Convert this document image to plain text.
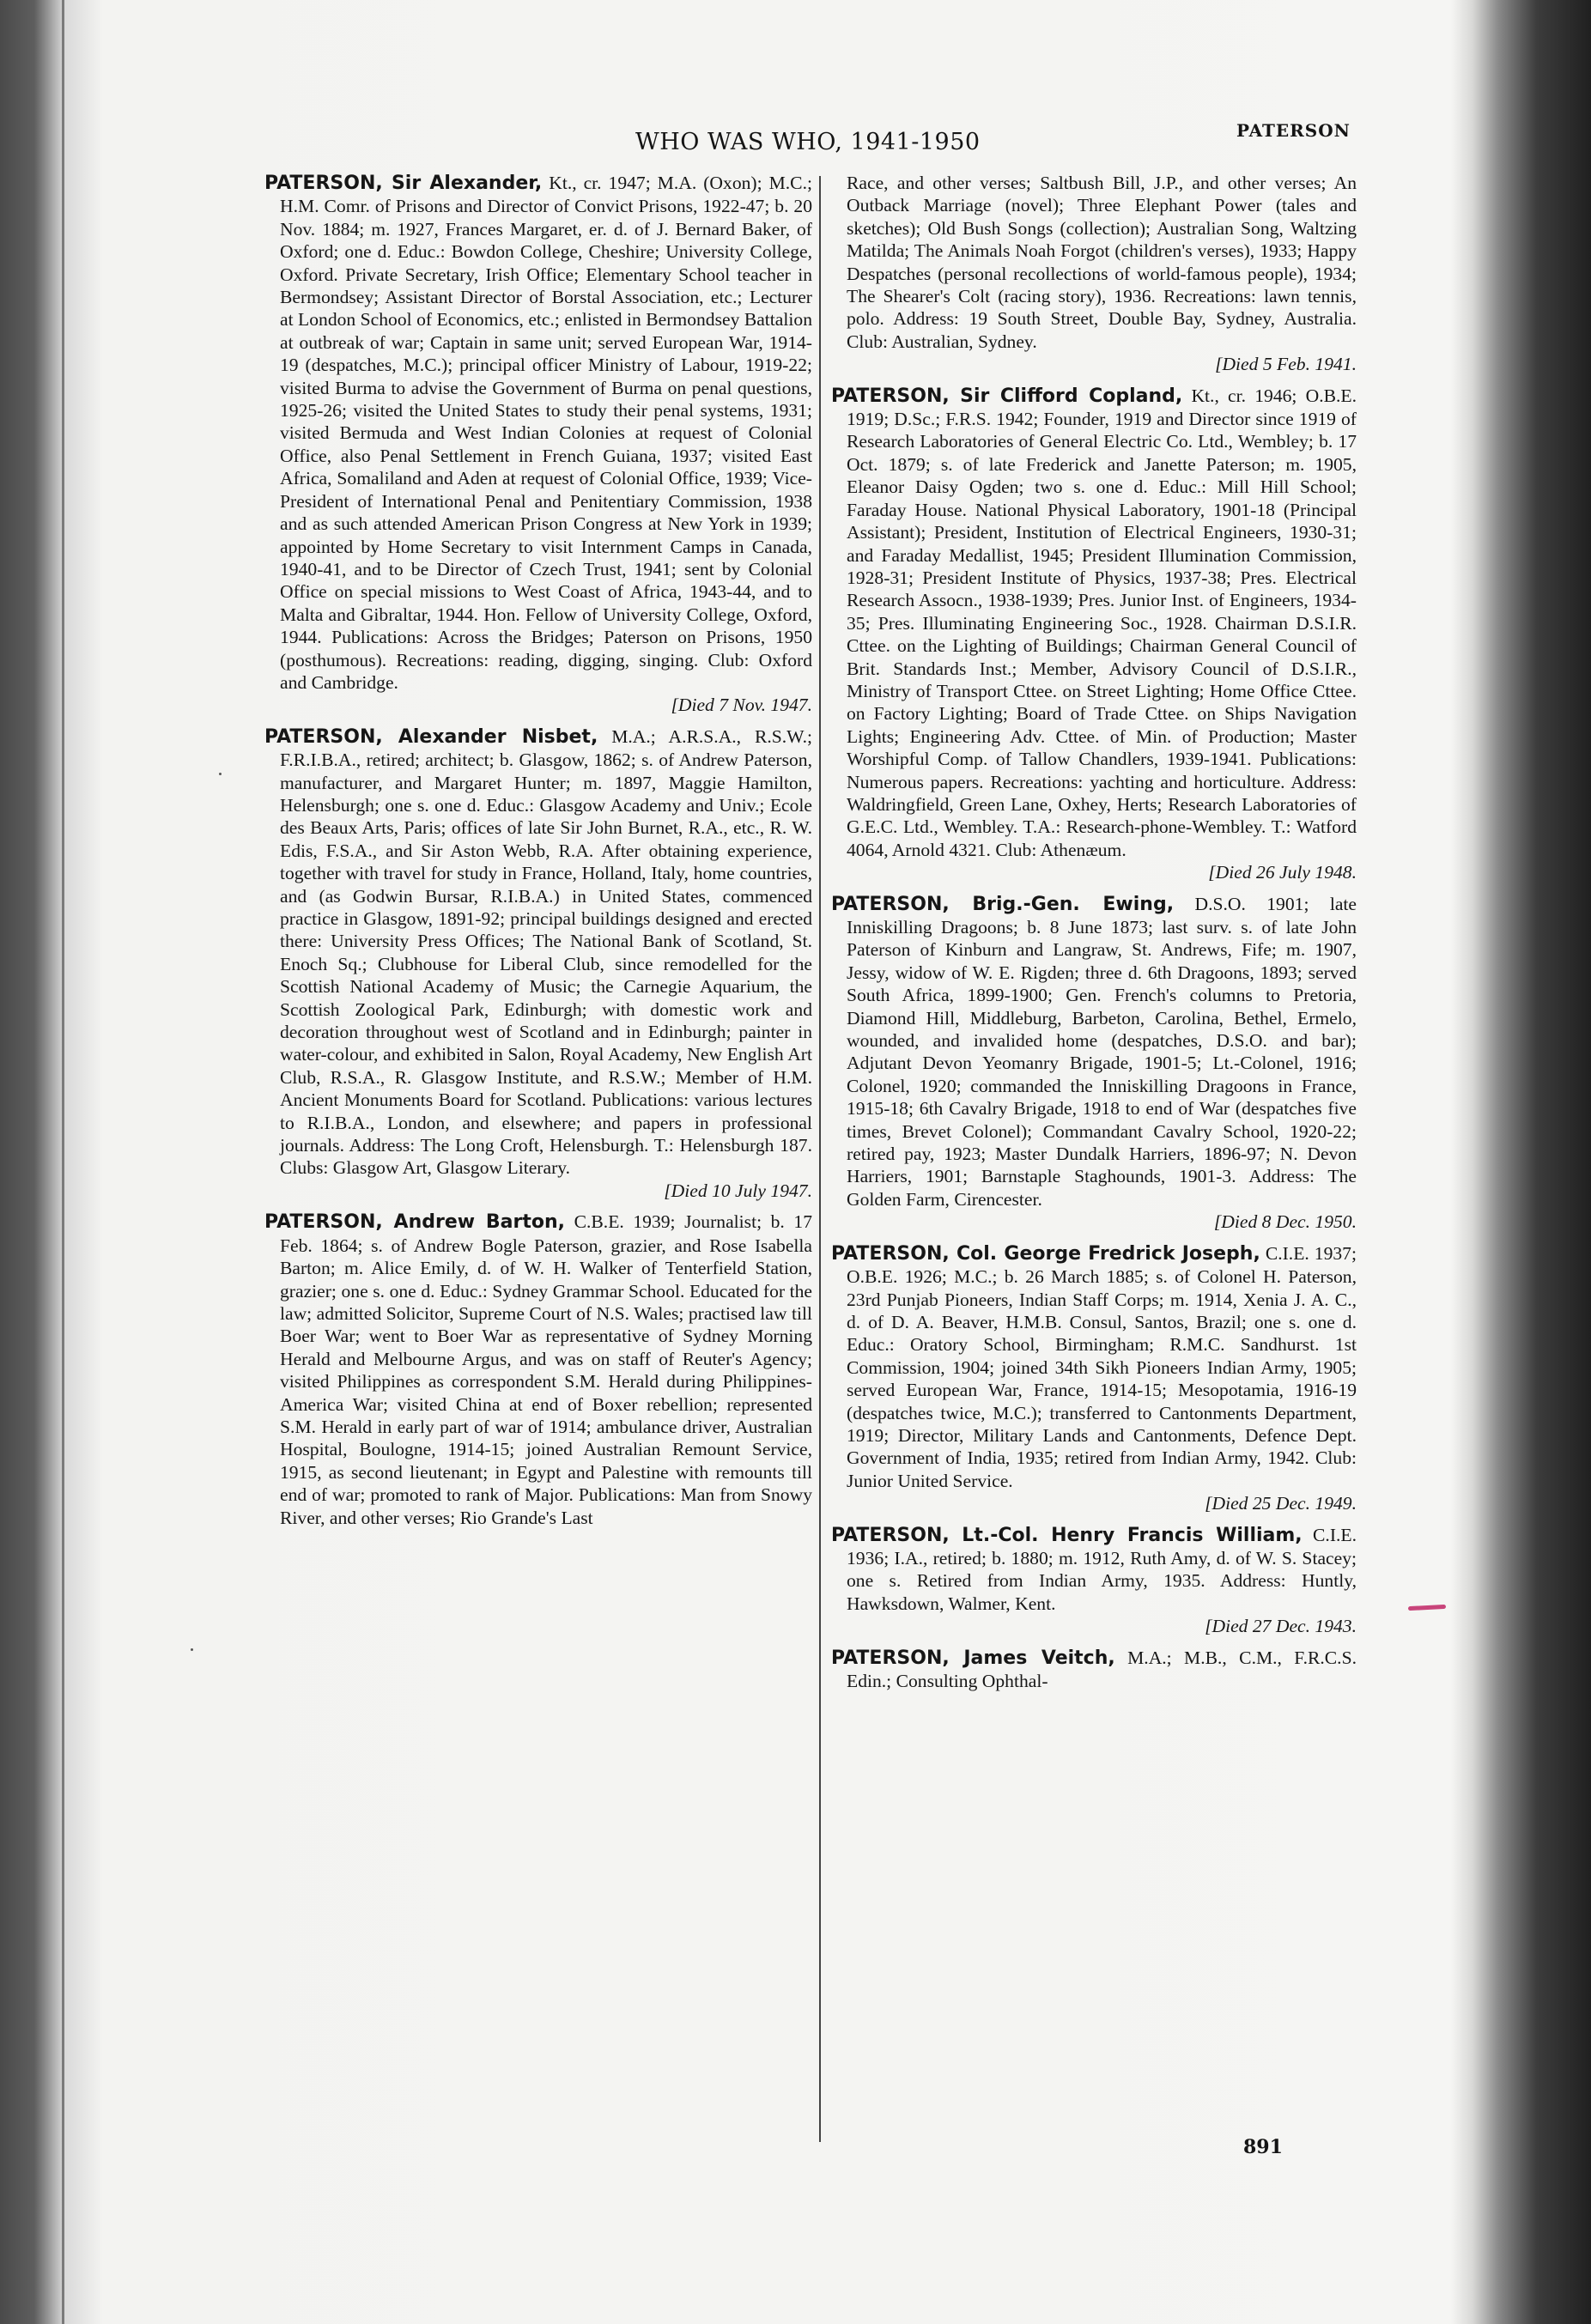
WHO WAS WHO, 1941-1950	PATERSON

PATERSON, Sir Alexander, Kt., cr. 1947; M.A. (Oxon); M.C.; H.M. Comr. of Prisons and Director of Convict Prisons, 1922-47; b. 20 Nov. 1884; m. 1927, Frances Margaret, er. d. of J. Bernard Baker, of Oxford; one d. Educ.: Bowdon College, Cheshire; University College, Oxford. Private Secretary, Irish Office; Elementary School teacher in Bermondsey; Assistant Director of Borstal Association, etc.; Lecturer at London School of Economics, etc.; enlisted in Bermondsey Battalion at outbreak of war; Captain in same unit; served European War, 1914-19 (despatches, M.C.); principal officer Ministry of Labour, 1919-22; visited Burma to advise the Government of Burma on penal questions, 1925-26; visited the United States to study their penal systems, 1931; visited Bermuda and West Indian Colonies at request of Colonial Office, also Penal Settlement in French Guiana, 1937; visited East Africa, Somaliland and Aden at request of Colonial Office, 1939; Vice-President of International Penal and Penitentiary Commission, 1938 and as such attended American Prison Congress at New York in 1939; appointed by Home Secretary to visit Internment Camps in Canada, 1940-41, and to be Director of Czech Trust, 1941; sent by Colonial Office on special missions to West Coast of Africa, 1943-44, and to Malta and Gibraltar, 1944. Hon. Fellow of University College, Oxford, 1944. Publications: Across the Bridges; Paterson on Prisons, 1950 (posthumous). Recreations: reading, digging, singing. Club: Oxford and Cambridge.
[Died 7 Nov. 1947.

PATERSON, Alexander Nisbet, M.A.; A.R.S.A., R.S.W.; F.R.I.B.A., retired; architect; b. Glasgow, 1862; s. of Andrew Paterson, manufacturer, and Margaret Hunter; m. 1897, Maggie Hamilton, Helensburgh; one s. one d. Educ.: Glasgow Academy and Univ.; Ecole des Beaux Arts, Paris; offices of late Sir John Burnet, R.A., etc., R. W. Edis, F.S.A., and Sir Aston Webb, R.A. After obtaining experience, together with travel for study in France, Holland, Italy, home countries, and (as Godwin Bursar, R.I.B.A.) in United States, commenced practice in Glasgow, 1891-92; principal buildings designed and erected there: University Press Offices; The National Bank of Scotland, St. Enoch Sq.; Clubhouse for Liberal Club, since remodelled for the Scottish National Academy of Music; the Carnegie Aquarium, the Scottish Zoological Park, Edinburgh; with domestic work and decoration throughout west of Scotland and in Edinburgh; painter in water-colour, and exhibited in Salon, Royal Academy, New English Art Club, R.S.A., R. Glasgow Institute, and R.S.W.; Member of H.M. Ancient Monuments Board for Scotland. Publications: various lectures to R.I.B.A., London, and elsewhere; and papers in professional journals. Address: The Long Croft, Helensburgh. T.: Helensburgh 187. Clubs: Glasgow Art, Glasgow Literary.
[Died 10 July 1947.

PATERSON, Andrew Barton, C.B.E. 1939; Journalist; b. 17 Feb. 1864; s. of Andrew Bogle Paterson, grazier, and Rose Isabella Barton; m. Alice Emily, d. of W. H. Walker of Tenterfield Station, grazier; one s. one d. Educ.: Sydney Grammar School. Educated for the law; admitted Solicitor, Supreme Court of N.S. Wales; practised law till Boer War; went to Boer War as representative of Sydney Morning Herald and Melbourne Argus, and was on staff of Reuter's Agency; visited Philippines as correspondent S.M. Herald during Philippines-America War; visited China at end of Boxer rebellion; represented S.M. Herald in early part of war of 1914; ambulance driver, Australian Hospital, Boulogne, 1914-15; joined Australian Remount Service, 1915, as second lieutenant; in Egypt and Palestine with remounts till end of war; promoted to rank of Major. Publications: Man from Snowy River, and other verses; Rio Grande's Last

Race, and other verses; Saltbush Bill, J.P., and other verses; An Outback Marriage (novel); Three Elephant Power (tales and sketches); Old Bush Songs (collection); Australian Song, Waltzing Matilda; The Animals Noah Forgot (children's verses), 1933; Happy Despatches (personal recollections of world-famous people), 1934; The Shearer's Colt (racing story), 1936. Recreations: lawn tennis, polo. Address: 19 South Street, Double Bay, Sydney, Australia. Club: Australian, Sydney.
[Died 5 Feb. 1941.

PATERSON, Sir Clifford Copland, Kt., cr. 1946; O.B.E. 1919; D.Sc.; F.R.S. 1942; Founder, 1919 and Director since 1919 of Research Laboratories of General Electric Co. Ltd., Wembley; b. 17 Oct. 1879; s. of late Frederick and Janette Paterson; m. 1905, Eleanor Daisy Ogden; two s. one d. Educ.: Mill Hill School; Faraday House. National Physical Laboratory, 1901-18 (Principal Assistant); President, Institution of Electrical Engineers, 1930-31; and Faraday Medallist, 1945; President Illumination Commission, 1928-31; President Institute of Physics, 1937-38; Pres. Electrical Research Assocn., 1938-1939; Pres. Junior Inst. of Engineers, 1934-35; Pres. Illuminating Engineering Soc., 1928. Chairman D.S.I.R. Cttee. on the Lighting of Buildings; Chairman General Council of Brit. Standards Inst.; Member, Advisory Council of D.S.I.R., Ministry of Transport Cttee. on Street Lighting; Home Office Cttee. on Factory Lighting; Board of Trade Cttee. on Ships Navigation Lights; Engineering Adv. Cttee. of Min. of Production; Master Worshipful Comp. of Tallow Chandlers, 1939-1941. Publications: Numerous papers. Recreations: yachting and horticulture. Address: Waldringfield, Green Lane, Oxhey, Herts; Research Laboratories of G.E.C. Ltd., Wembley. T.A.: Research-phone-Wembley. T.: Watford 4064, Arnold 4321. Club: Athenæum.
[Died 26 July 1948.

PATERSON, Brig.-Gen. Ewing, D.S.O. 1901; late Inniskilling Dragoons; b. 8 June 1873; last surv. s. of late John Paterson of Kinburn and Langraw, St. Andrews, Fife; m. 1907, Jessy, widow of W. E. Rigden; three d. 6th Dragoons, 1893; served South Africa, 1899-1900; Gen. French's columns to Pretoria, Diamond Hill, Middleburg, Barbeton, Carolina, Bethel, Ermelo, wounded, and invalided home (despatches, D.S.O. and bar); Adjutant Devon Yeomanry Brigade, 1901-5; Lt.-Colonel, 1916; Colonel, 1920; commanded the Inniskilling Dragoons in France, 1915-18; 6th Cavalry Brigade, 1918 to end of War (despatches five times, Brevet Colonel); Commandant Cavalry School, 1920-22; retired pay, 1923; Master Dundalk Harriers, 1896-97; N. Devon Harriers, 1901; Barnstaple Staghounds, 1901-3. Address: The Golden Farm, Cirencester.
[Died 8 Dec. 1950.

PATERSON, Col. George Fredrick Joseph, C.I.E. 1937; O.B.E. 1926; M.C.; b. 26 March 1885; s. of Colonel H. Paterson, 23rd Punjab Pioneers, Indian Staff Corps; m. 1914, Xenia J. A. C., d. of D. A. Beaver, H.M.B. Consul, Santos, Brazil; one s. one d. Educ.: Oratory School, Birmingham; R.M.C. Sandhurst. 1st Commission, 1904; joined 34th Sikh Pioneers Indian Army, 1905; served European War, France, 1914-15; Mesopotamia, 1916-19 (despatches twice, M.C.); transferred to Cantonments Department, 1919; Director, Military Lands and Cantonments, Defence Dept. Government of India, 1935; retired from Indian Army, 1942. Club: Junior United Service.
[Died 25 Dec. 1949.

PATERSON, Lt.-Col. Henry Francis William, C.I.E. 1936; I.A., retired; b. 1880; m. 1912, Ruth Amy, d. of W. S. Stacey; one s. Retired from Indian Army, 1935. Address: Huntly, Hawksdown, Walmer, Kent.
[Died 27 Dec. 1943.

PATERSON, James Veitch, M.A.; M.B., C.M., F.R.C.S. Edin.; Consulting Ophthal-

891
